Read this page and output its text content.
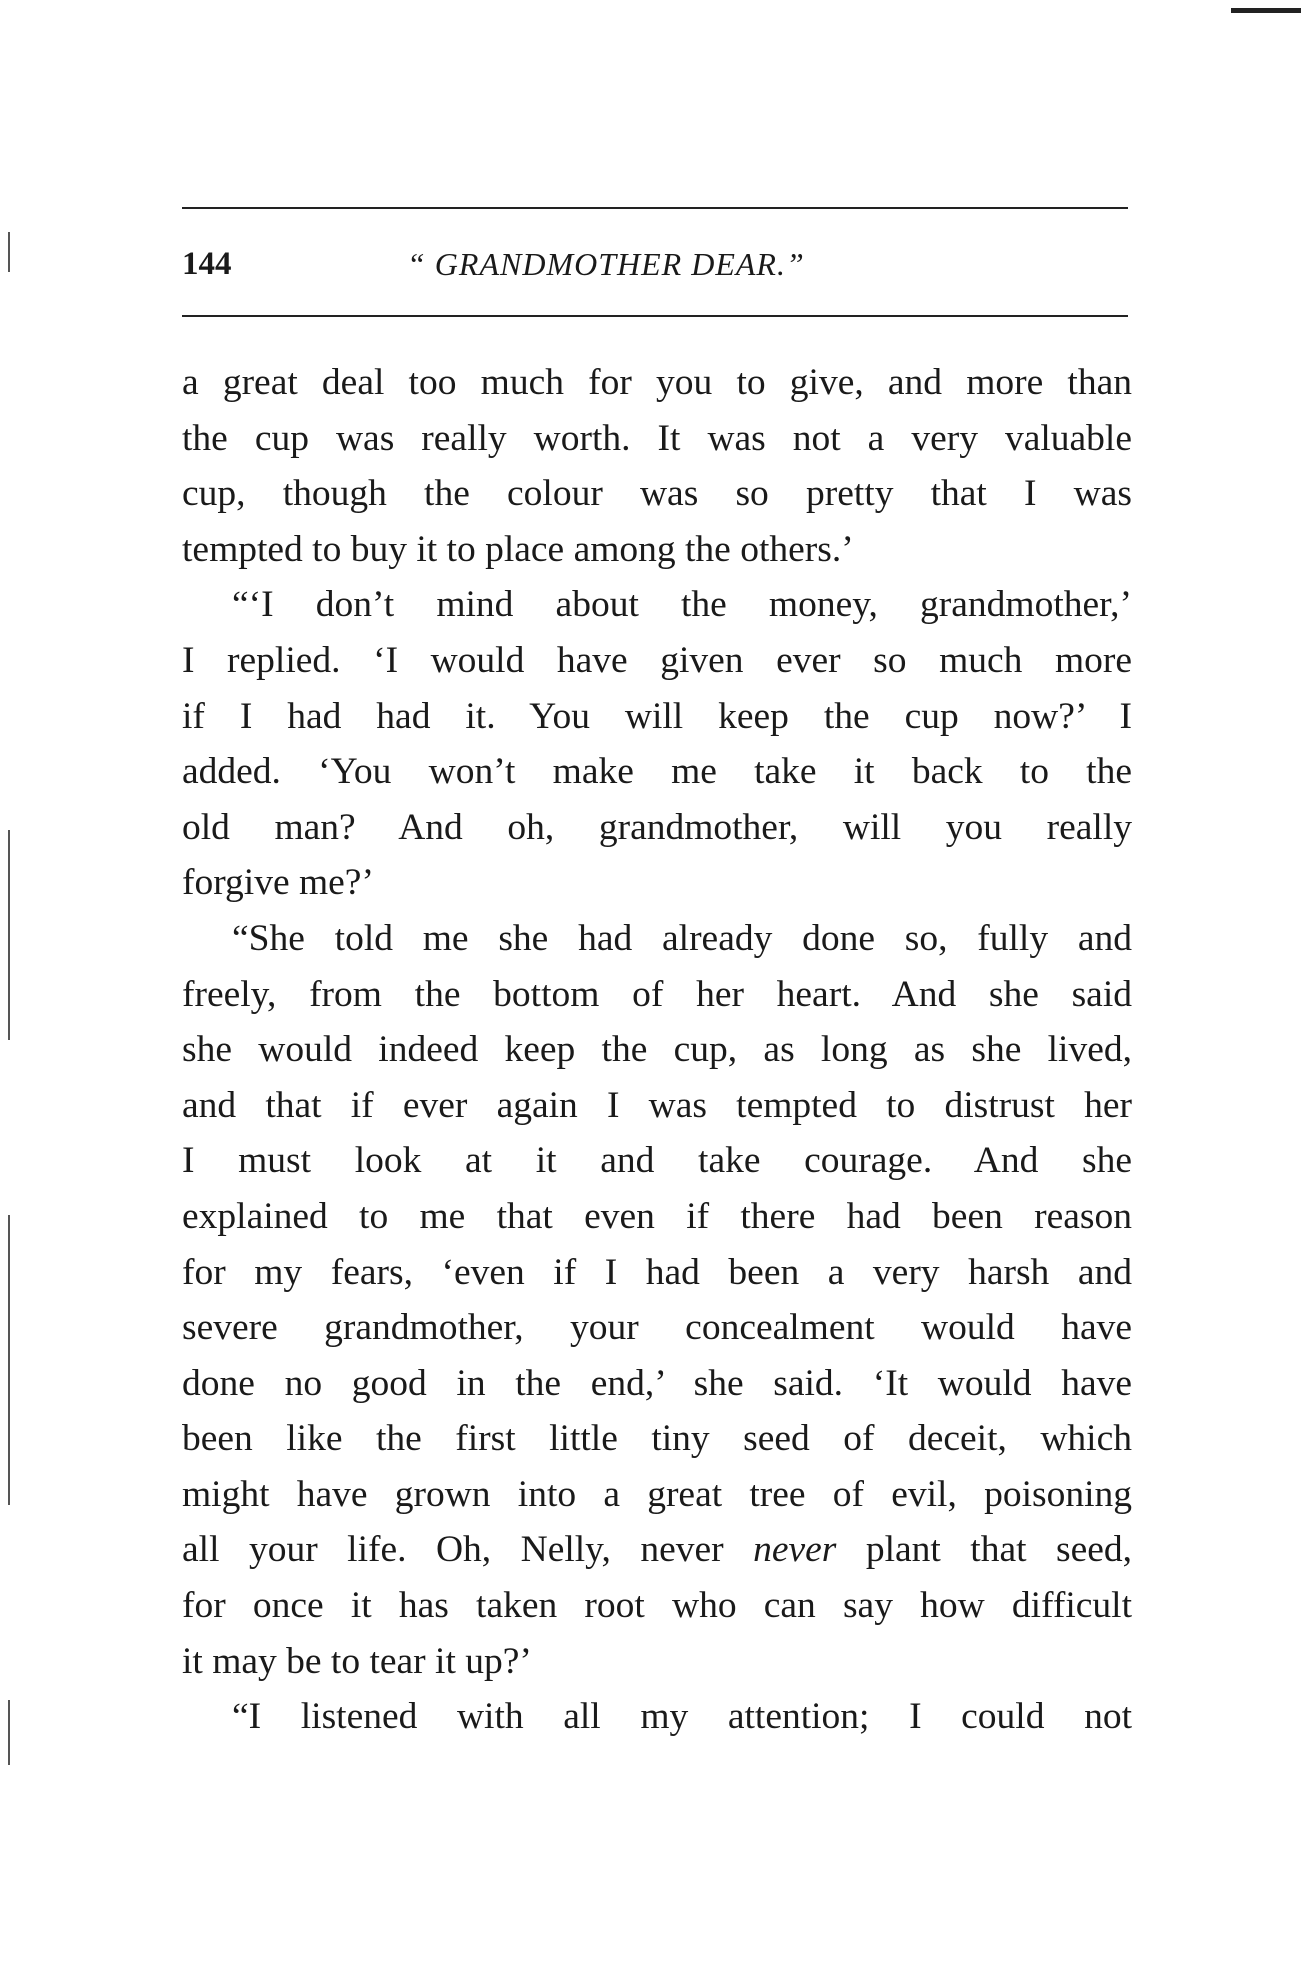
144	“ GRANDMOTHER DEAR.”
a great deal too much for you to give, and more than
the cup was really worth. It was not a very valuable
cup, though the colour was so pretty that I was
tempted to buy it to place among the others.’
“‘I don’t mind about the money, grandmother,’
I replied. ‘I would have given ever so much more
if I had had it. You will keep the cup now?’ I
added. ‘You won’t make me take it back to the
old man? And oh, grandmother, will you really
forgive me?’
“She told me she had already done so, fully and
freely, from the bottom of her heart. And she said
she would indeed keep the cup, as long as she lived,
and that if ever again I was tempted to distrust her
I must look at it and take courage. And she
explained to me that even if there had been reason
for my fears, ‘even if I had been a very harsh and
severe grandmother, your concealment would have
done no good in the end,’ she said. ‘It would have
been like the first little tiny seed of deceit, which
might have grown into a great tree of evil, poisoning
all your life. Oh, Nelly, never never plant that seed,
for once it has taken root who can say how difficult
it may be to tear it up?’
“I listened with all my attention; I could not
